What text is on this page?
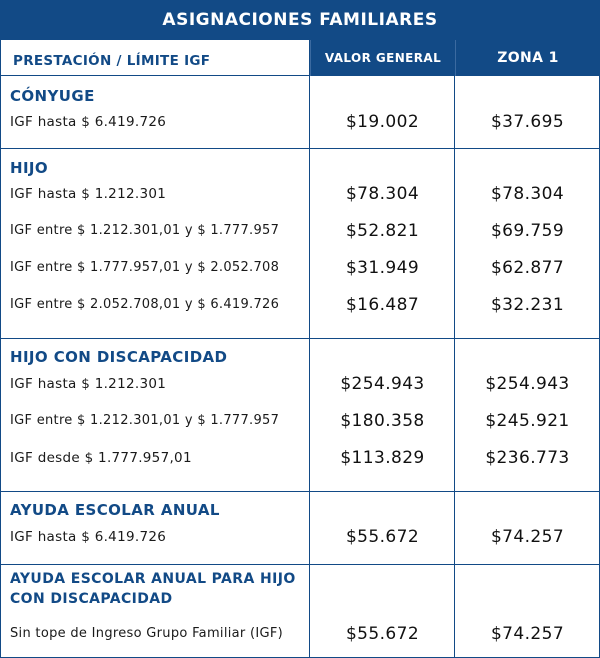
ASIGNACIONES FAMILIARES
PRESTACIÓN / LÍMITE IGF	VALOR GENERAL	ZONA 1
CÓNYUGE
IGF hasta $ 6.419.726	$19.002	$37.695
HIJO
IGF hasta $ 1.212.301	$78.304	$78.304
IGF entre $ 1.212.301,01 y $ 1.777.957	$52.821	$69.759
IGF entre $ 1.777.957,01 y $ 2.052.708	$31.949	$62.877
IGF entre $ 2.052.708,01 y $ 6.419.726	$16.487	$32.231
HIJO CON DISCAPACIDAD
IGF hasta $ 1.212.301	$254.943	$254.943
IGF entre $ 1.212.301,01 y $ 1.777.957	$180.358	$245.921
IGF desde $ 1.777.957,01	$113.829	$236.773
AYUDA ESCOLAR ANUAL
IGF hasta $ 6.419.726	$55.672	$74.257
AYUDA ESCOLAR ANUAL PARA HIJO
CON DISCAPACIDAD
Sin tope de Ingreso Grupo Familiar (IGF)	$55.672	$74.257
